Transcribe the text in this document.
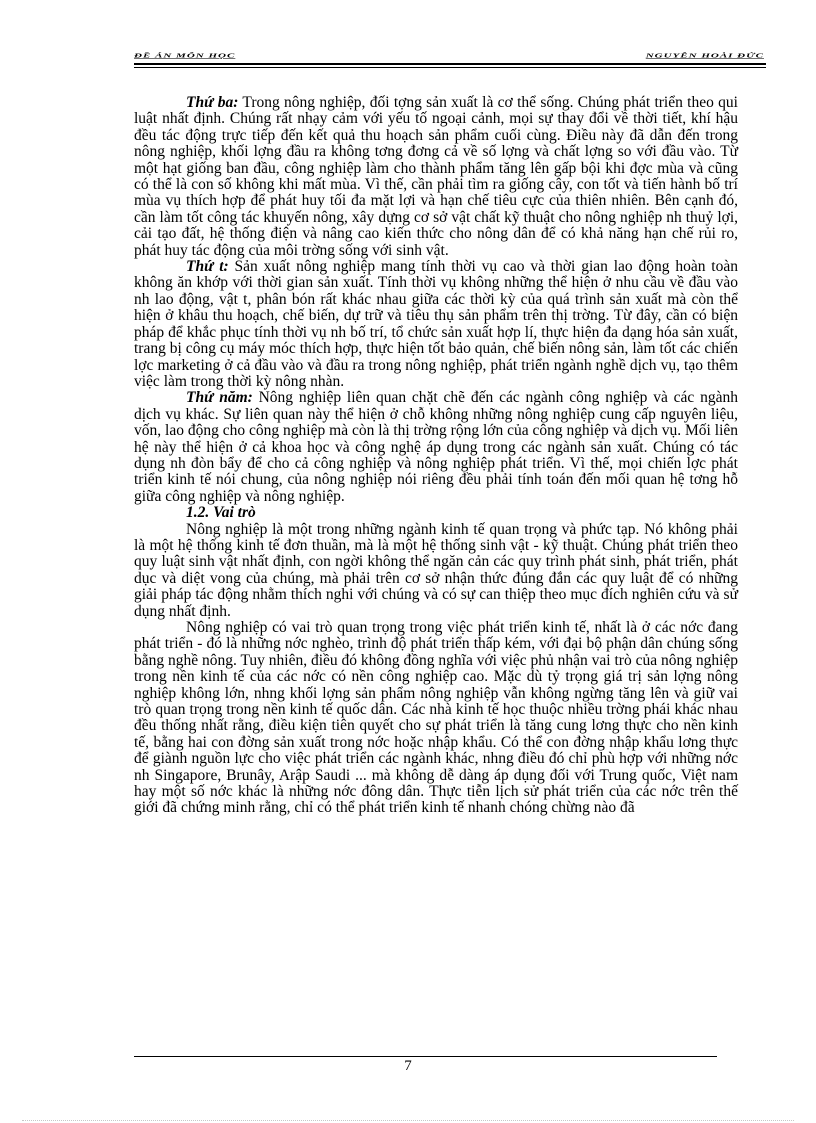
ĐỀ ÁN MÔN HỌC	NGUYỄN HOÀI ĐỨC

Thứ ba: Trong nông nghiệp, đối tợng sản xuất là cơ thể sống. Chúng phát triển theo qui luật nhất định. Chúng rất nhạy cảm với yếu tố ngoại cảnh, mọi sự thay đổi về thời tiết, khí hậu đều tác động trực tiếp đến kết quả thu hoạch sản phẩm cuối cùng. Điều này đã dẫn đến trong nông nghiệp, khối lợng đầu ra không tơng đơng cả về số lợng và chất lợng so với đầu vào. Từ một hạt giống ban đầu, công nghiệp làm cho thành phẩm tăng lên gấp bội khi đợc mùa và cũng có thể là con số không khi mất mùa. Vì thế, cần phải tìm ra giống cây, con tốt và tiến hành bố trí mùa vụ thích hợp để phát huy tối đa mặt lợi và hạn chế tiêu cực của thiên nhiên. Bên cạnh đó, cần làm tốt công tác khuyến nông, xây dựng cơ sở vật chất kỹ thuật cho nông nghiệp nh thuỷ lợi, cải tạo đất, hệ thống điện và nâng cao kiến thức cho nông dân để có khả năng hạn chế rủi ro, phát huy tác động của môi trờng sống với sinh vật.

Thứ t: Sản xuất nông nghiệp mang tính thời vụ cao và thời gian lao động hoàn toàn không ăn khớp với thời gian sản xuất. Tính thời vụ không những thể hiện ở nhu cầu về đầu vào nh lao động, vật t, phân bón rất khác nhau giữa các thời kỳ của quá trình sản xuất mà còn thể hiện ở khâu thu hoạch, chế biến, dự trữ và tiêu thụ sản phẩm trên thị trờng. Từ đây, cần có biện pháp để khắc phục tính thời vụ nh bố trí, tổ chức sản xuất hợp lí, thực hiện đa dạng hóa sản xuất, trang bị công cụ máy móc thích hợp, thực hiện tốt bảo quản, chế biến nông sản, làm tốt các chiến lợc marketing ở cả đầu vào và đầu ra trong nông nghiệp, phát triển ngành nghề dịch vụ, tạo thêm việc làm trong thời kỳ nông nhàn.

Thứ năm: Nông nghiệp liên quan chặt chẽ đến các ngành công nghiệp và các ngành dịch vụ khác. Sự liên quan này thể hiện ở chỗ không những nông nghiệp cung cấp nguyên liệu, vốn, lao động cho công nghiệp mà còn là thị trờng rộng lớn của công nghiệp và dịch vụ. Mối liên hệ này thể hiện ở cả khoa học và công nghệ áp dụng trong các ngành sản xuất. Chúng có tác dụng nh đòn bẩy để cho cả công nghiệp và nông nghiệp phát triển. Vì thế, mọi chiến lợc phát triển kinh tế nói chung, của nông nghiệp nói riêng đều phải tính toán đến mối quan hệ tơng hỗ giữa công nghiệp và nông nghiệp.

1.2. Vai trò

Nông nghiệp là một trong những ngành kinh tế quan trọng và phức tạp. Nó không phải là một hệ thống kinh tế đơn thuần, mà là một hệ thống sinh vật - kỹ thuật. Chúng phát triển theo quy luật sinh vật nhất định, con ngời không thể ngăn cản các quy trình phát sinh, phát triển, phát dục và diệt vong của chúng, mà phải trên cơ sở nhận thức đúng đắn các quy luật để có những giải pháp tác động nhằm thích nghi với chúng và có sự can thiệp theo mục đích nghiên cứu và sử dụng nhất định.

Nông nghiệp có vai trò quan trọng trong việc phát triển kinh tế, nhất là ở các nớc đang phát triển - đó là những nớc nghèo, trình độ phát triển thấp kém, với đại bộ phận dân chúng sống bằng nghề nông. Tuy nhiên, điều đó không đồng nghĩa với việc phủ nhận vai trò của nông nghiệp trong nền kinh tế của các nớc có nền công nghiệp cao. Mặc dù tỷ trọng giá trị sản lợng nông nghiệp không lớn, nhng khối lợng sản phẩm nông nghiệp vẫn không ngừng tăng lên và giữ vai trò quan trọng trong nền kinh tế quốc dân. Các nhà kinh tế học thuộc nhiều trờng phái khác nhau đều thống nhất rằng, điều kiện tiên quyết cho sự phát triển là tăng cung lơng thực cho nền kinh tế, bằng hai con đờng sản xuất trong nớc hoặc nhập khẩu. Có thể con đờng nhập khẩu lơng thực để giành nguồn lực cho việc phát triển các ngành khác, nhng điều đó chỉ phù hợp với những nớc nh Singapore, Brunây, Arập Saudi ... mà không dễ dàng áp dụng đối với Trung quốc, Việt nam hay một số nớc khác là những nớc đông dân. Thực tiễn lịch sử phát triển của các nớc trên thế giới đã chứng minh rằng, chỉ có thể phát triển kinh tế nhanh chóng chừng nào đã

7
